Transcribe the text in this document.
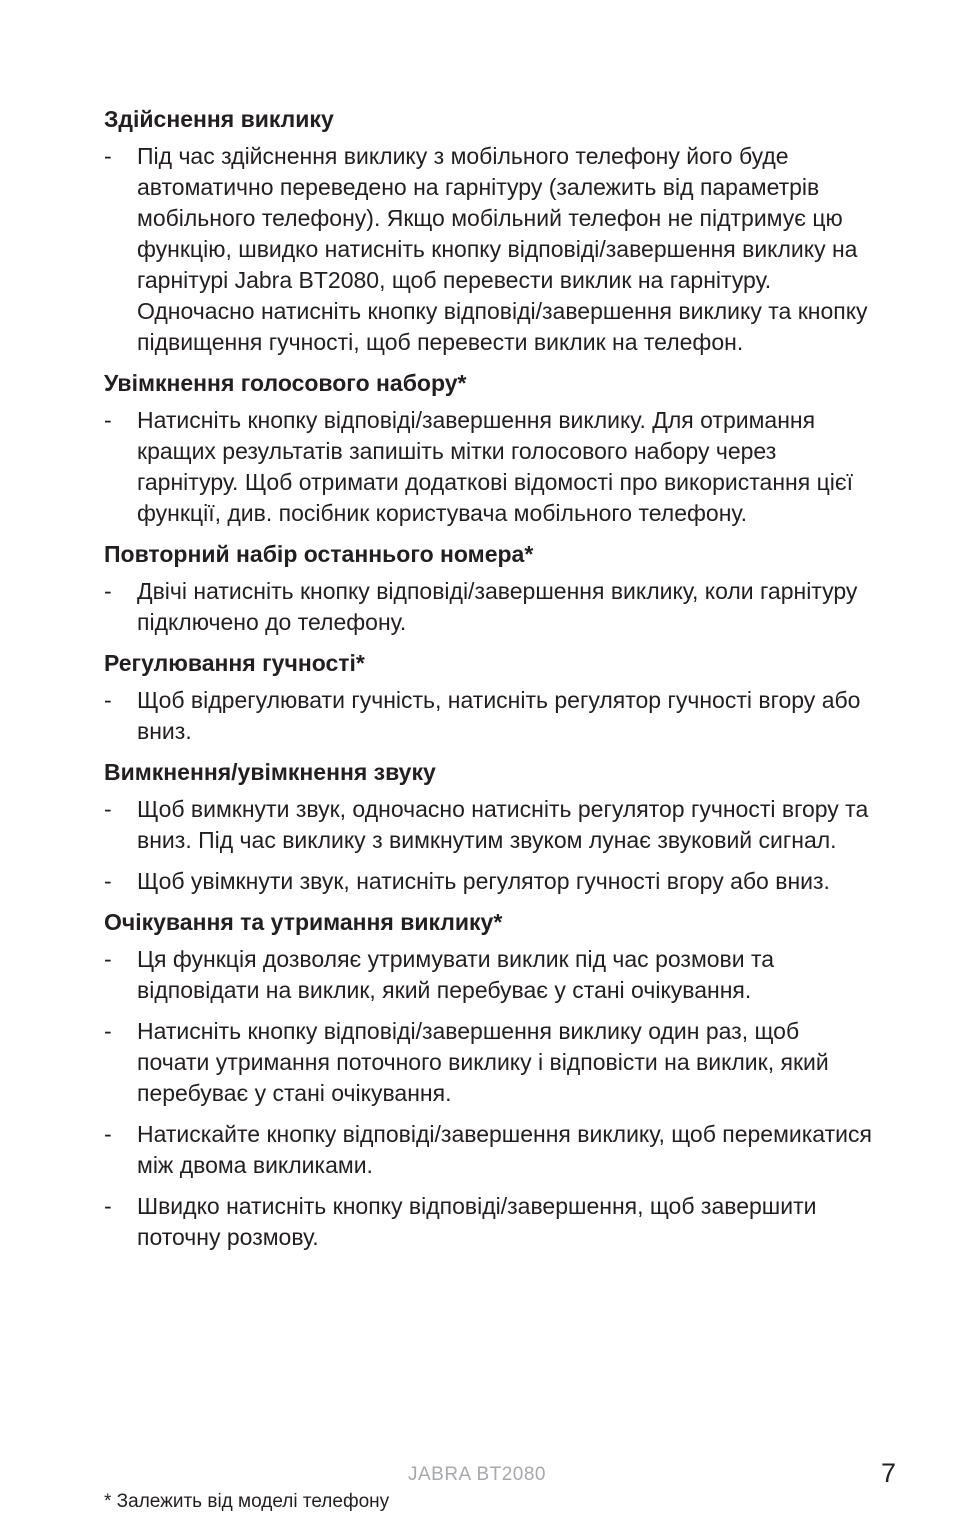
Здійснення виклику
-	Під час здійснення виклику з мобільного телефону його буде автоматично переведено на гарнітуру (залежить від параметрів мобільного телефону). Якщо мобільний телефон не підтримує цю функцію, швидко натисніть кнопку відповіді/завершення виклику на гарнітурі Jabra BT2080, щоб перевести виклик на гарнітуру. Одночасно натисніть кнопку відповіді/завершення виклику та кнопку підвищення гучності, щоб перевести виклик на телефон.
Увімкнення голосового набору*
-	Натисніть кнопку відповіді/завершення виклику. Для отримання кращих результатів запишіть мітки голосового набору через гарнітуру. Щоб отримати додаткові відомості про використання цієї функції, див. посібник користувача мобільного телефону.
Повторний набір останнього номера*
-	Двічі натисніть кнопку відповіді/завершення виклику, коли гарнітуру підключено до телефону.
Регулювання гучності*
-	Щоб відрегулювати гучність, натисніть регулятор гучності вгору або вниз.
Вимкнення/увімкнення звуку
-	Щоб вимкнути звук, одночасно натисніть регулятор гучності вгору та вниз. Під час виклику з вимкнутим звуком лунає звуковий сигнал.
-	Щоб увімкнути звук, натисніть регулятор гучності вгору або вниз.
Очікування та утримання виклику*
-	Ця функція дозволяє утримувати виклик під час розмови та відповідати на виклик, який перебуває у стані очікування.
-	Натисніть кнопку відповіді/завершення виклику один раз, щоб почати утримання поточного виклику і відповісти на виклик, який перебуває у стані очікування.
-	Натискайте кнопку відповіді/завершення виклику, щоб перемикатися між двома викликами.
-	Швидко натисніть кнопку відповіді/завершення, щоб завершити поточну розмову.
JABRA BT2080	7
* Залежить від моделі телефону
